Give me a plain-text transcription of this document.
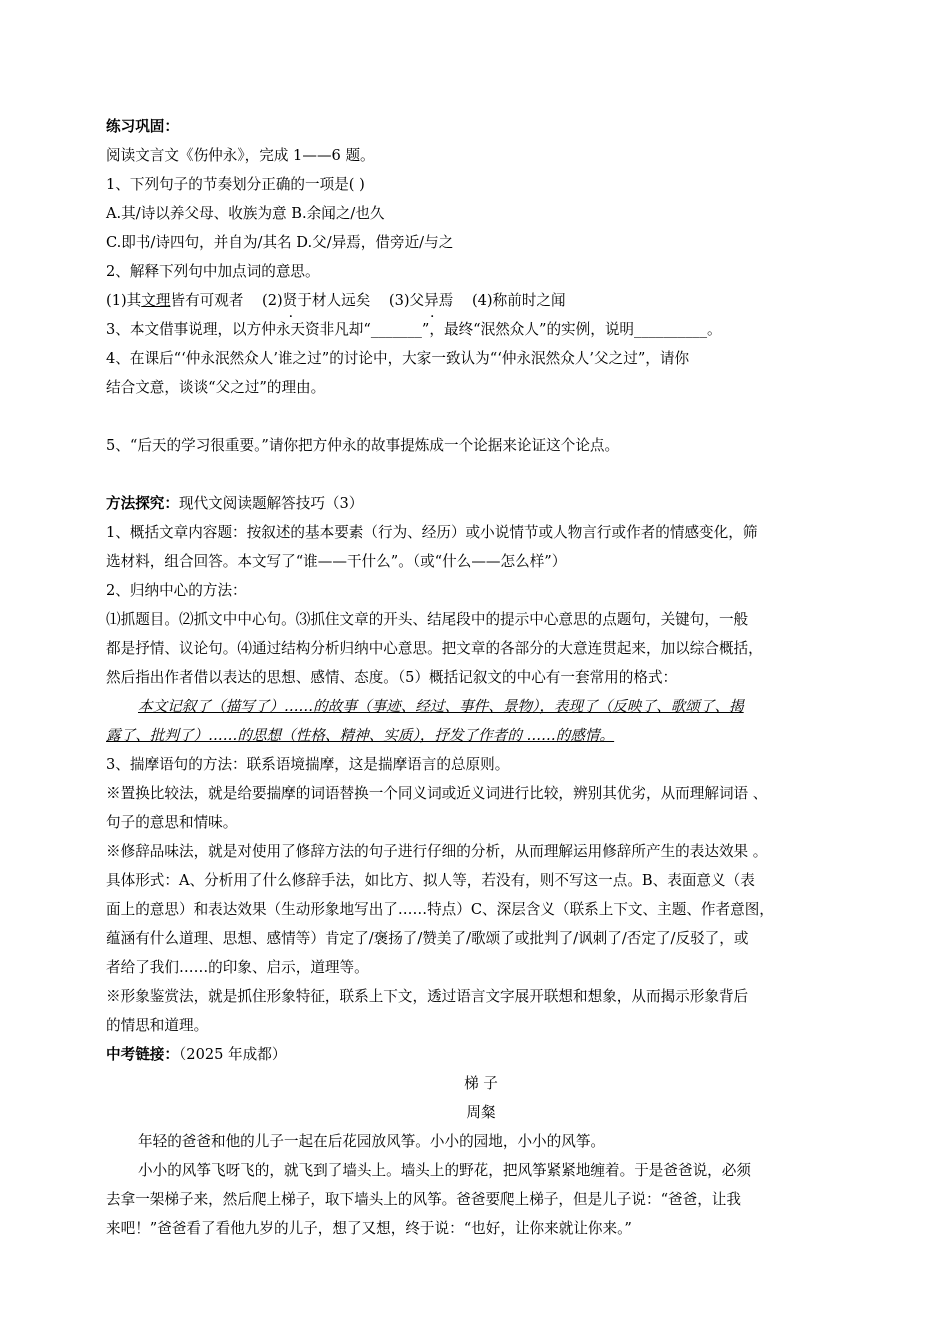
练习巩固：

阅读文言文《伤仲永》，完成 1——6 题。

1、下列句子的节奏划分正确的一项是( )

A.其/诗以养父母、收族为意 B.余闻之/也久

C.即书/诗四句，并自为/其名 D.父/异焉，借旁近/与之

2、解释下列句中加点词的意思。

(1)其文理皆有可观者 (2)贤于材人远矣 (3)父异焉 (4)称前时之闻

3、本文借事说理，以方仲永天资非凡却“_______”，最终“泯然众人”的实例，说明__________。

4、在课后“‘仲永泯然众人’谁之过”的讨论中，大家一致认为“‘仲永泯然众人’父之过”，请你

结合文意，谈谈“父之过”的理由。

5、“后天的学习很重要。”请你把方仲永的故事提炼成一个论据来论证这个论点。

方法探究：现代文阅读题解答技巧（3）

1、概括文章内容题：按叙述的基本要素（行为、经历）或小说情节或人物言行或作者的情感变化，筛

选材料，组合回答。本文写了“谁——干什么”。（或“什么——怎么样”）

2、归纳中心的方法：

⑴抓题目。⑵抓文中中心句。⑶抓住文章的开头、结尾段中的提示中心意思的点题句，关键句，一般

都是抒情、议论句。⑷通过结构分析归纳中心意思。把文章的各部分的大意连贯起来，加以综合概括，

然后指出作者借以表达的思想、感情、态度。（5）概括记叙文的中心有一套常用的格式：

本文记叙了（描写了）……的故事（事迹、经过、事件、景物），表现了（反映了、歌颂了、揭

露了、批判了）……的思想（性格、精神、实质），抒发了作者的 ……的感情。

3、揣摩语句的方法：联系语境揣摩，这是揣摩语言的总原则。

※置换比较法，就是给要揣摩的词语替换一个同义词或近义词进行比较，辨别其优劣，从而理解词语 、

句子的意思和情味。

※修辞品味法，就是对使用了修辞方法的句子进行仔细的分析，从而理解运用修辞所产生的表达效果 。

具体形式：A、分析用了什么修辞手法，如比方、拟人等，若没有，则不写这一点。B、表面意义（表

面上的意思）和表达效果（生动形象地写出了……特点）C、深层含义（联系上下文、主题、作者意图，

蕴涵有什么道理、思想、感情等）肯定了/褒扬了/赞美了/歌颂了或批判了/讽刺了/否定了/反驳了，或

者给了我们……的印象、启示，道理等。

※形象鉴赏法，就是抓住形象特征，联系上下文，透过语言文字展开联想和想象，从而揭示形象背后

的情思和道理。

中考链接：（2025 年成都）

梯 子

周粲

年轻的爸爸和他的儿子一起在后花园放风筝。小小的园地，小小的风筝。

小小的风筝飞呀飞的，就飞到了墙头上。墙头上的野花，把风筝紧紧地缠着。于是爸爸说，必须

去拿一架梯子来，然后爬上梯子，取下墙头上的风筝。爸爸要爬上梯子，但是儿子说：“爸爸，让我

来吧！”爸爸看了看他九岁的儿子，想了又想，终于说：“也好，让你来就让你来。”
